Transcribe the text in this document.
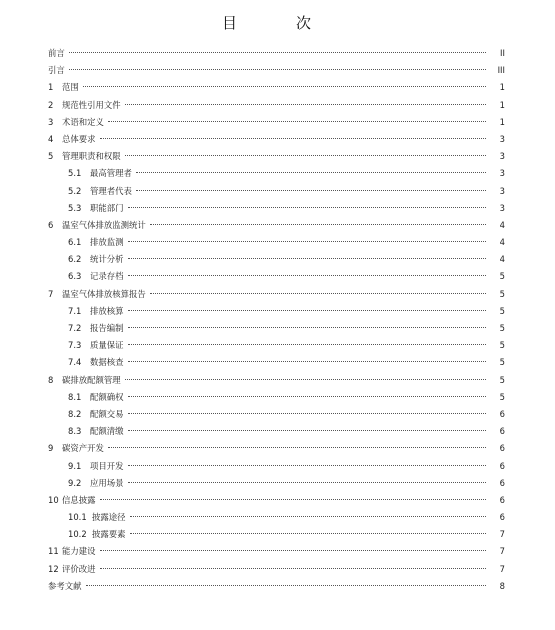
目　次
前言	II
引言	III
1	范围	1
2	规范性引用文件	1
3	术语和定义	1
4	总体要求	3
5	管理职责和权限	3
5.1	最高管理者	3
5.2	管理者代表	3
5.3	职能部门	3
6	温室气体排放监测统计	4
6.1	排放监测	4
6.2	统计分析	4
6.3	记录存档	5
7	温室气体排放核算报告	5
7.1	排放核算	5
7.2	报告编制	5
7.3	质量保证	5
7.4	数据核查	5
8	碳排放配额管理	5
8.1	配额确权	5
8.2	配额交易	6
8.3	配额清缴	6
9	碳资产开发	6
9.1	项目开发	6
9.2	应用场景	6
10 信息披露	6
10.1 披露途径	6
10.2 披露要素	7
11 能力建设	7
12 评价改进	7
参考文献	8
